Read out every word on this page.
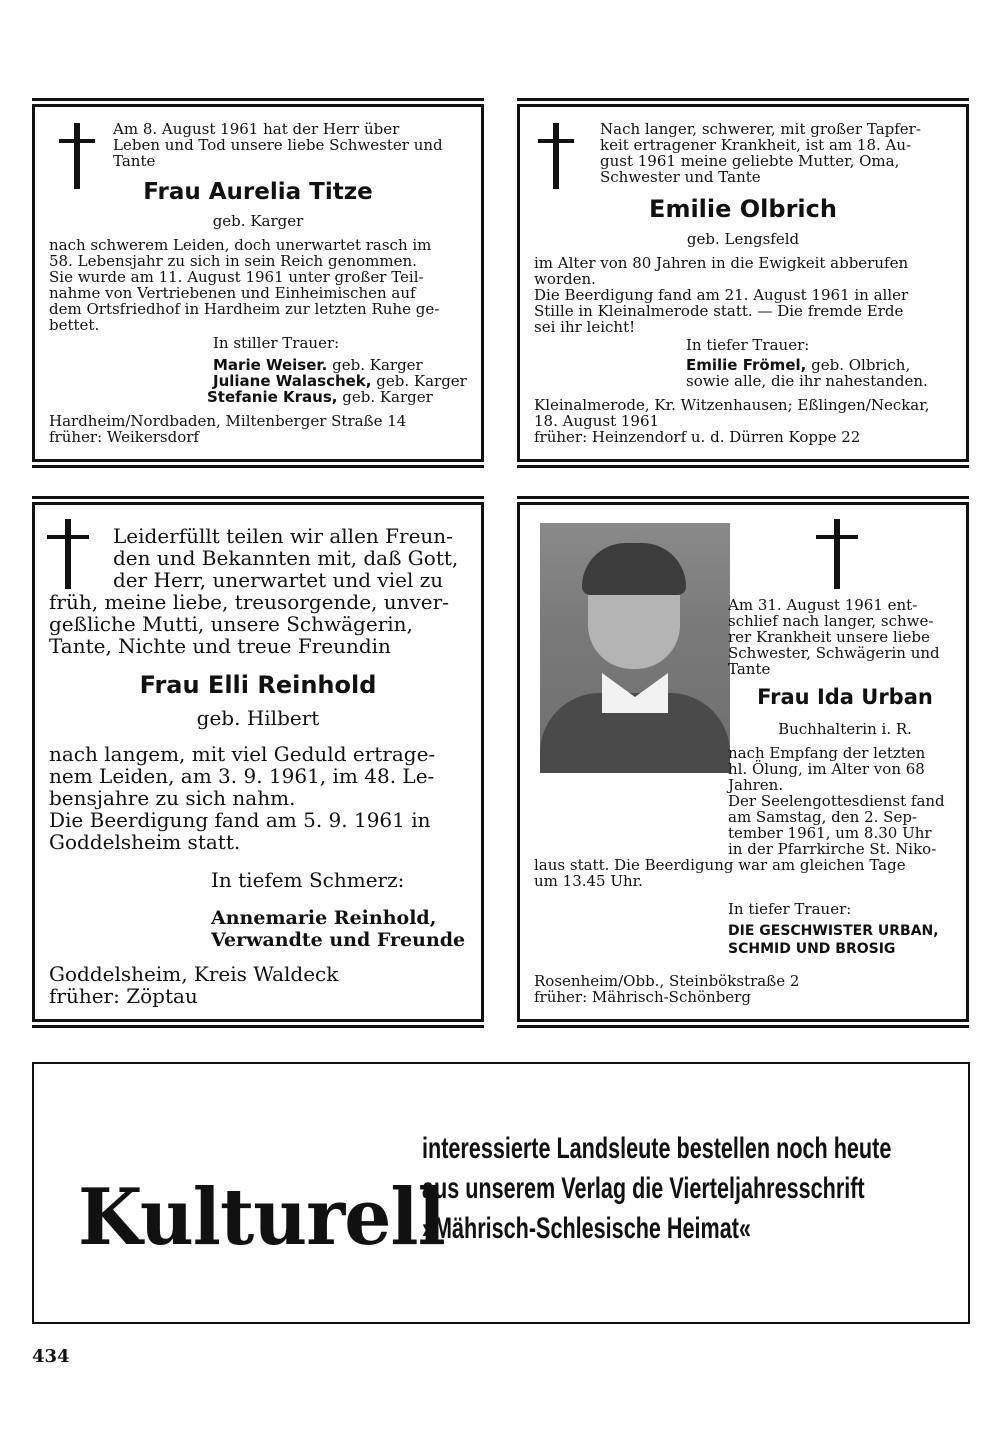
Am 8. August 1961 hat der Herr über

Leben und Tod unsere liebe Schwester und

Tante

Frau Aurelia Titze

geb. Karger

nach schwerem Leiden, doch unerwartet rasch im

58. Lebensjahr zu sich in sein Reich genommen.

Sie wurde am 11. August 1961 unter großer Teil-

nahme von Vertriebenen und Einheimischen auf

dem Ortsfriedhof in Hardheim zur letzten Ruhe ge-

bettet.

In stiller Trauer:

Marie Weiser. geb. Karger

Juliane Walaschek, geb. Karger

Stefanie Kraus, geb. Karger

Hardheim/Nordbaden, Miltenberger Straße 14

früher: Weikersdorf

Nach langer, schwerer, mit großer Tapfer-

keit ertragener Krankheit, ist am 18. Au-

gust 1961 meine geliebte Mutter, Oma,

Schwester und Tante

Emilie Olbrich

geb. Lengsfeld

im Alter von 80 Jahren in die Ewigkeit abberufen

worden.

Die Beerdigung fand am 21. August 1961 in aller

Stille in Kleinalmerode statt. — Die fremde Erde

sei ihr leicht!

In tiefer Trauer:

Emilie Frömel, geb. Olbrich,

sowie alle, die ihr nahestanden.

Kleinalmerode, Kr. Witzenhausen; Eßlingen/Neckar,

18. August 1961

früher: Heinzendorf u. d. Dürren Koppe 22

Leiderfüllt teilen wir allen Freun-

den und Bekannten mit, daß Gott,

der Herr, unerwartet und viel zu

früh, meine liebe, treusorgende, unver-

geßliche Mutti, unsere Schwägerin,

Tante, Nichte und treue Freundin

Frau Elli Reinhold

geb. Hilbert

nach langem, mit viel Geduld ertrage-

nem Leiden, am 3. 9. 1961, im 48. Le-

bensjahre zu sich nahm.

Die Beerdigung fand am 5. 9. 1961 in

Goddelsheim statt.

In tiefem Schmerz:

Annemarie Reinhold,

Verwandte und Freunde

Goddelsheim, Kreis Waldeck

früher: Zöptau

Am 31. August 1961 ent-

schlief nach langer, schwe-

rer Krankheit unsere liebe

Schwester, Schwägerin und

Tante

Frau Ida Urban

Buchhalterin i. R.

nach Empfang der letzten

hl. Ölung, im Alter von 68

Jahren.

Der Seelengottesdienst fand

am Samstag, den 2. Sep-

tember 1961, um 8.30 Uhr

in der Pfarrkirche St. Niko-

laus statt. Die Beerdigung war am gleichen Tage

um 13.45 Uhr.

In tiefer Trauer:

DIE GESCHWISTER URBAN,

SCHMID UND BROSIG

Rosenheim/Obb., Steinbökstraße 2

früher: Mährisch-Schönberg

Kulturell
interessierte Landsleute bestellen noch heute
aus unserem Verlag die Vierteljahresschrift
»Mährisch-Schlesische Heimat«
434
